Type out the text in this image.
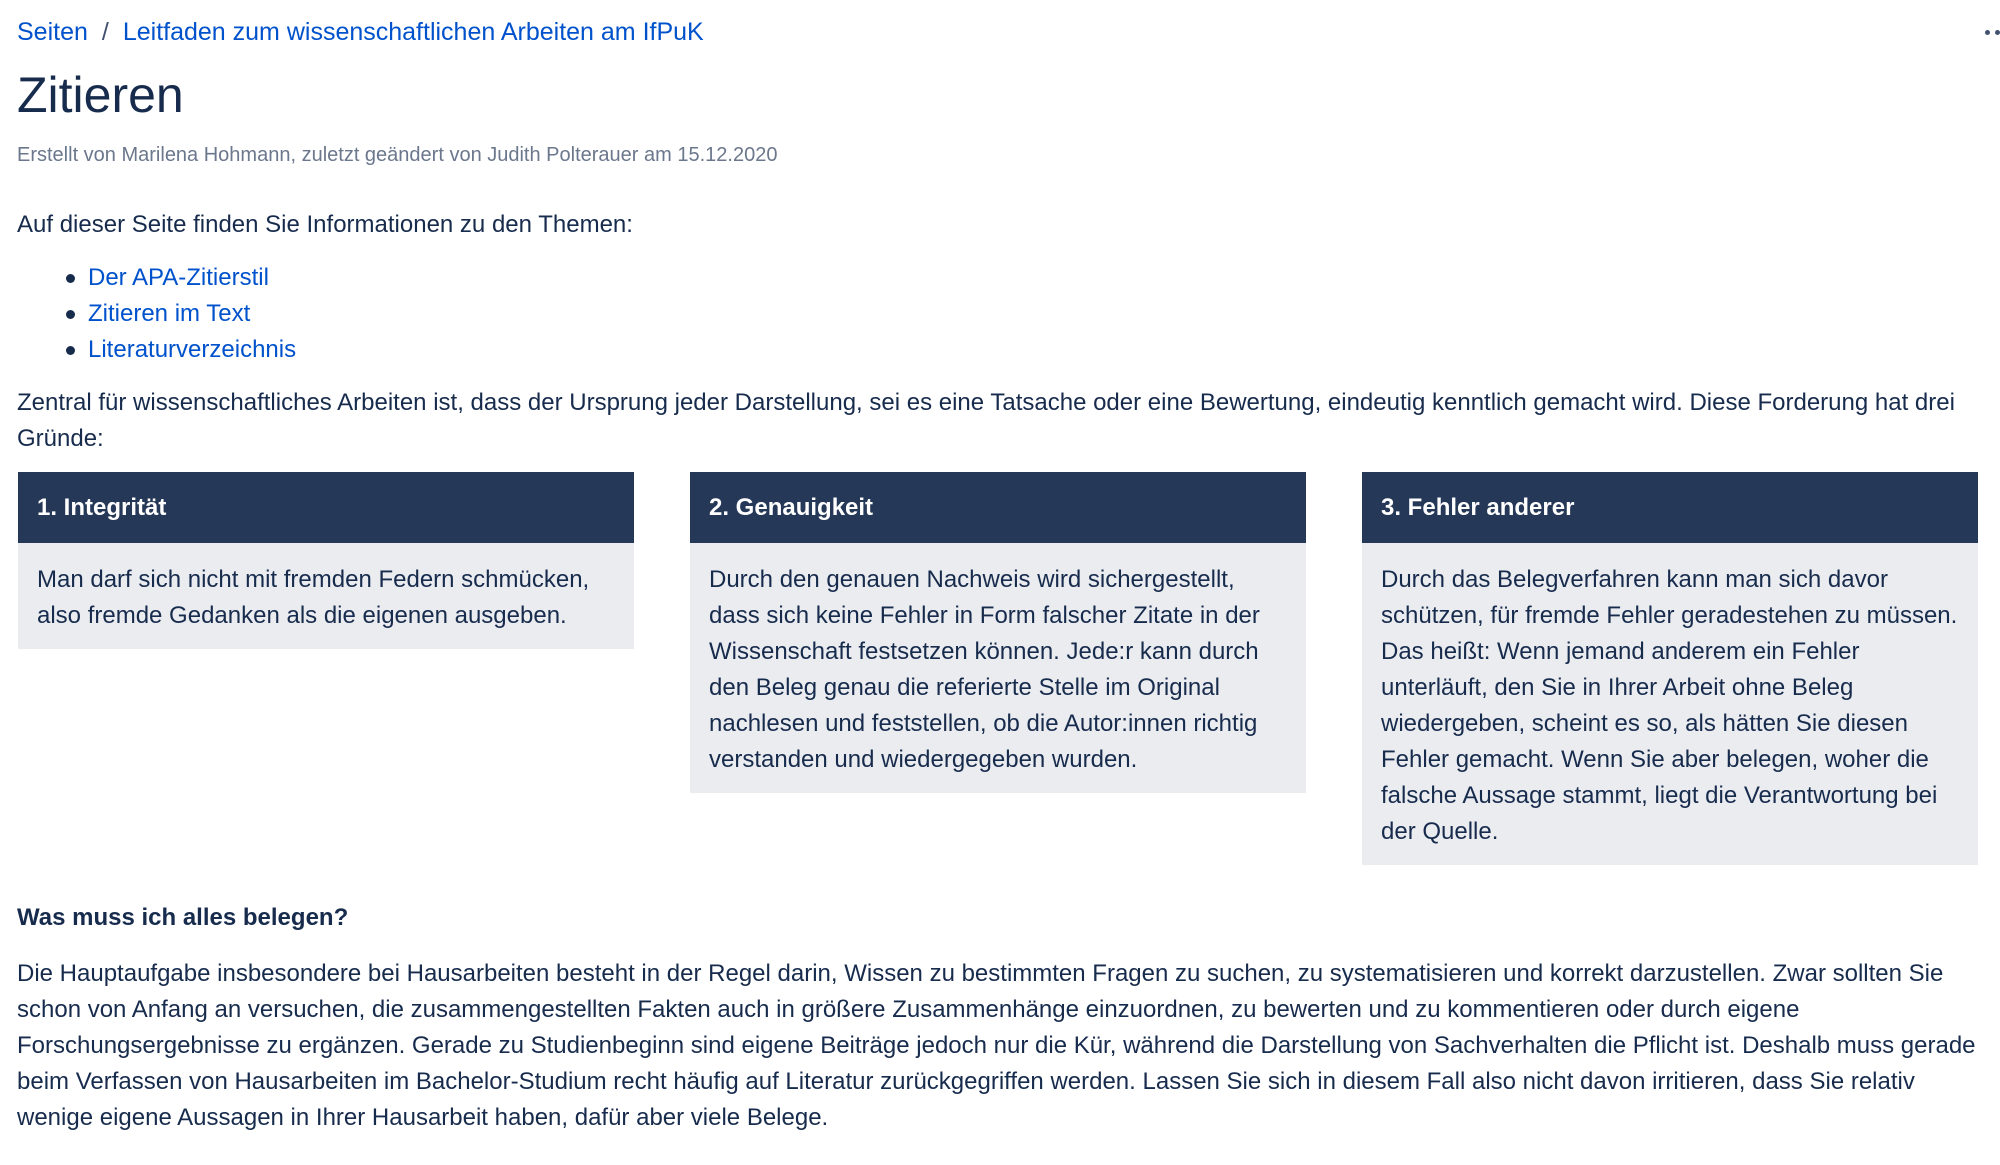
Seiten / Leitfaden zum wissenschaftlichen Arbeiten am IfPuK
Zitieren
Erstellt von Marilena Hohmann, zuletzt geändert von Judith Polterauer am 15.12.2020
Auf dieser Seite finden Sie Informationen zu den Themen:
Der APA-Zitierstil
Zitieren im Text
Literaturverzeichnis

Zentral für wissenschaftliches Arbeiten ist, dass der Ursprung jeder Darstellung, sei es eine Tatsache oder eine Bewertung, eindeutig kenntlich gemacht wird. Diese Forderung hat drei Gründe:

1. Integrität
Man darf sich nicht mit fremden Federn schmücken, also fremde Gedanken als die eigenen ausgeben.
2. Genauigkeit
Durch den genauen Nachweis wird sichergestellt, dass sich keine Fehler in Form falscher Zitate in der Wissenschaft festsetzen können. Jede:r kann durch den Beleg genau die referierte Stelle im Original nachlesen und feststellen, ob die Autor:innen richtig verstanden und wiedergegeben wurden.
3. Fehler anderer
Durch das Belegverfahren kann man sich davor schützen, für fremde Fehler geradestehen zu müssen. Das heißt: Wenn jemand anderem ein Fehler unterläuft, den Sie in Ihrer Arbeit ohne Beleg wiedergeben, scheint es so, als hätten Sie diesen Fehler gemacht. Wenn Sie aber belegen, woher die falsche Aussage stammt, liegt die Verantwortung bei der Quelle.
Was muss ich alles belegen?

Die Hauptaufgabe insbesondere bei Hausarbeiten besteht in der Regel darin, Wissen zu bestimmten Fragen zu suchen, zu systematisieren und korrekt darzustellen. Zwar sollten Sie schon von Anfang an versuchen, die zusammengestellten Fakten auch in größere Zusammenhänge einzuordnen, zu bewerten und zu kommentieren oder durch eigene Forschungsergebnisse zu ergänzen. Gerade zu Studienbeginn sind eigene Beiträge jedoch nur die Kür, während die Darstellung von Sachverhalten die Pflicht ist. Deshalb muss gerade beim Verfassen von Hausarbeiten im Bachelor-Studium recht häufig auf Literatur zurückgegriffen werden. Lassen Sie sich in diesem Fall also nicht davon irritieren, dass Sie relativ wenige eigene Aussagen in Ihrer Hausarbeit haben, dafür aber viele Belege.
